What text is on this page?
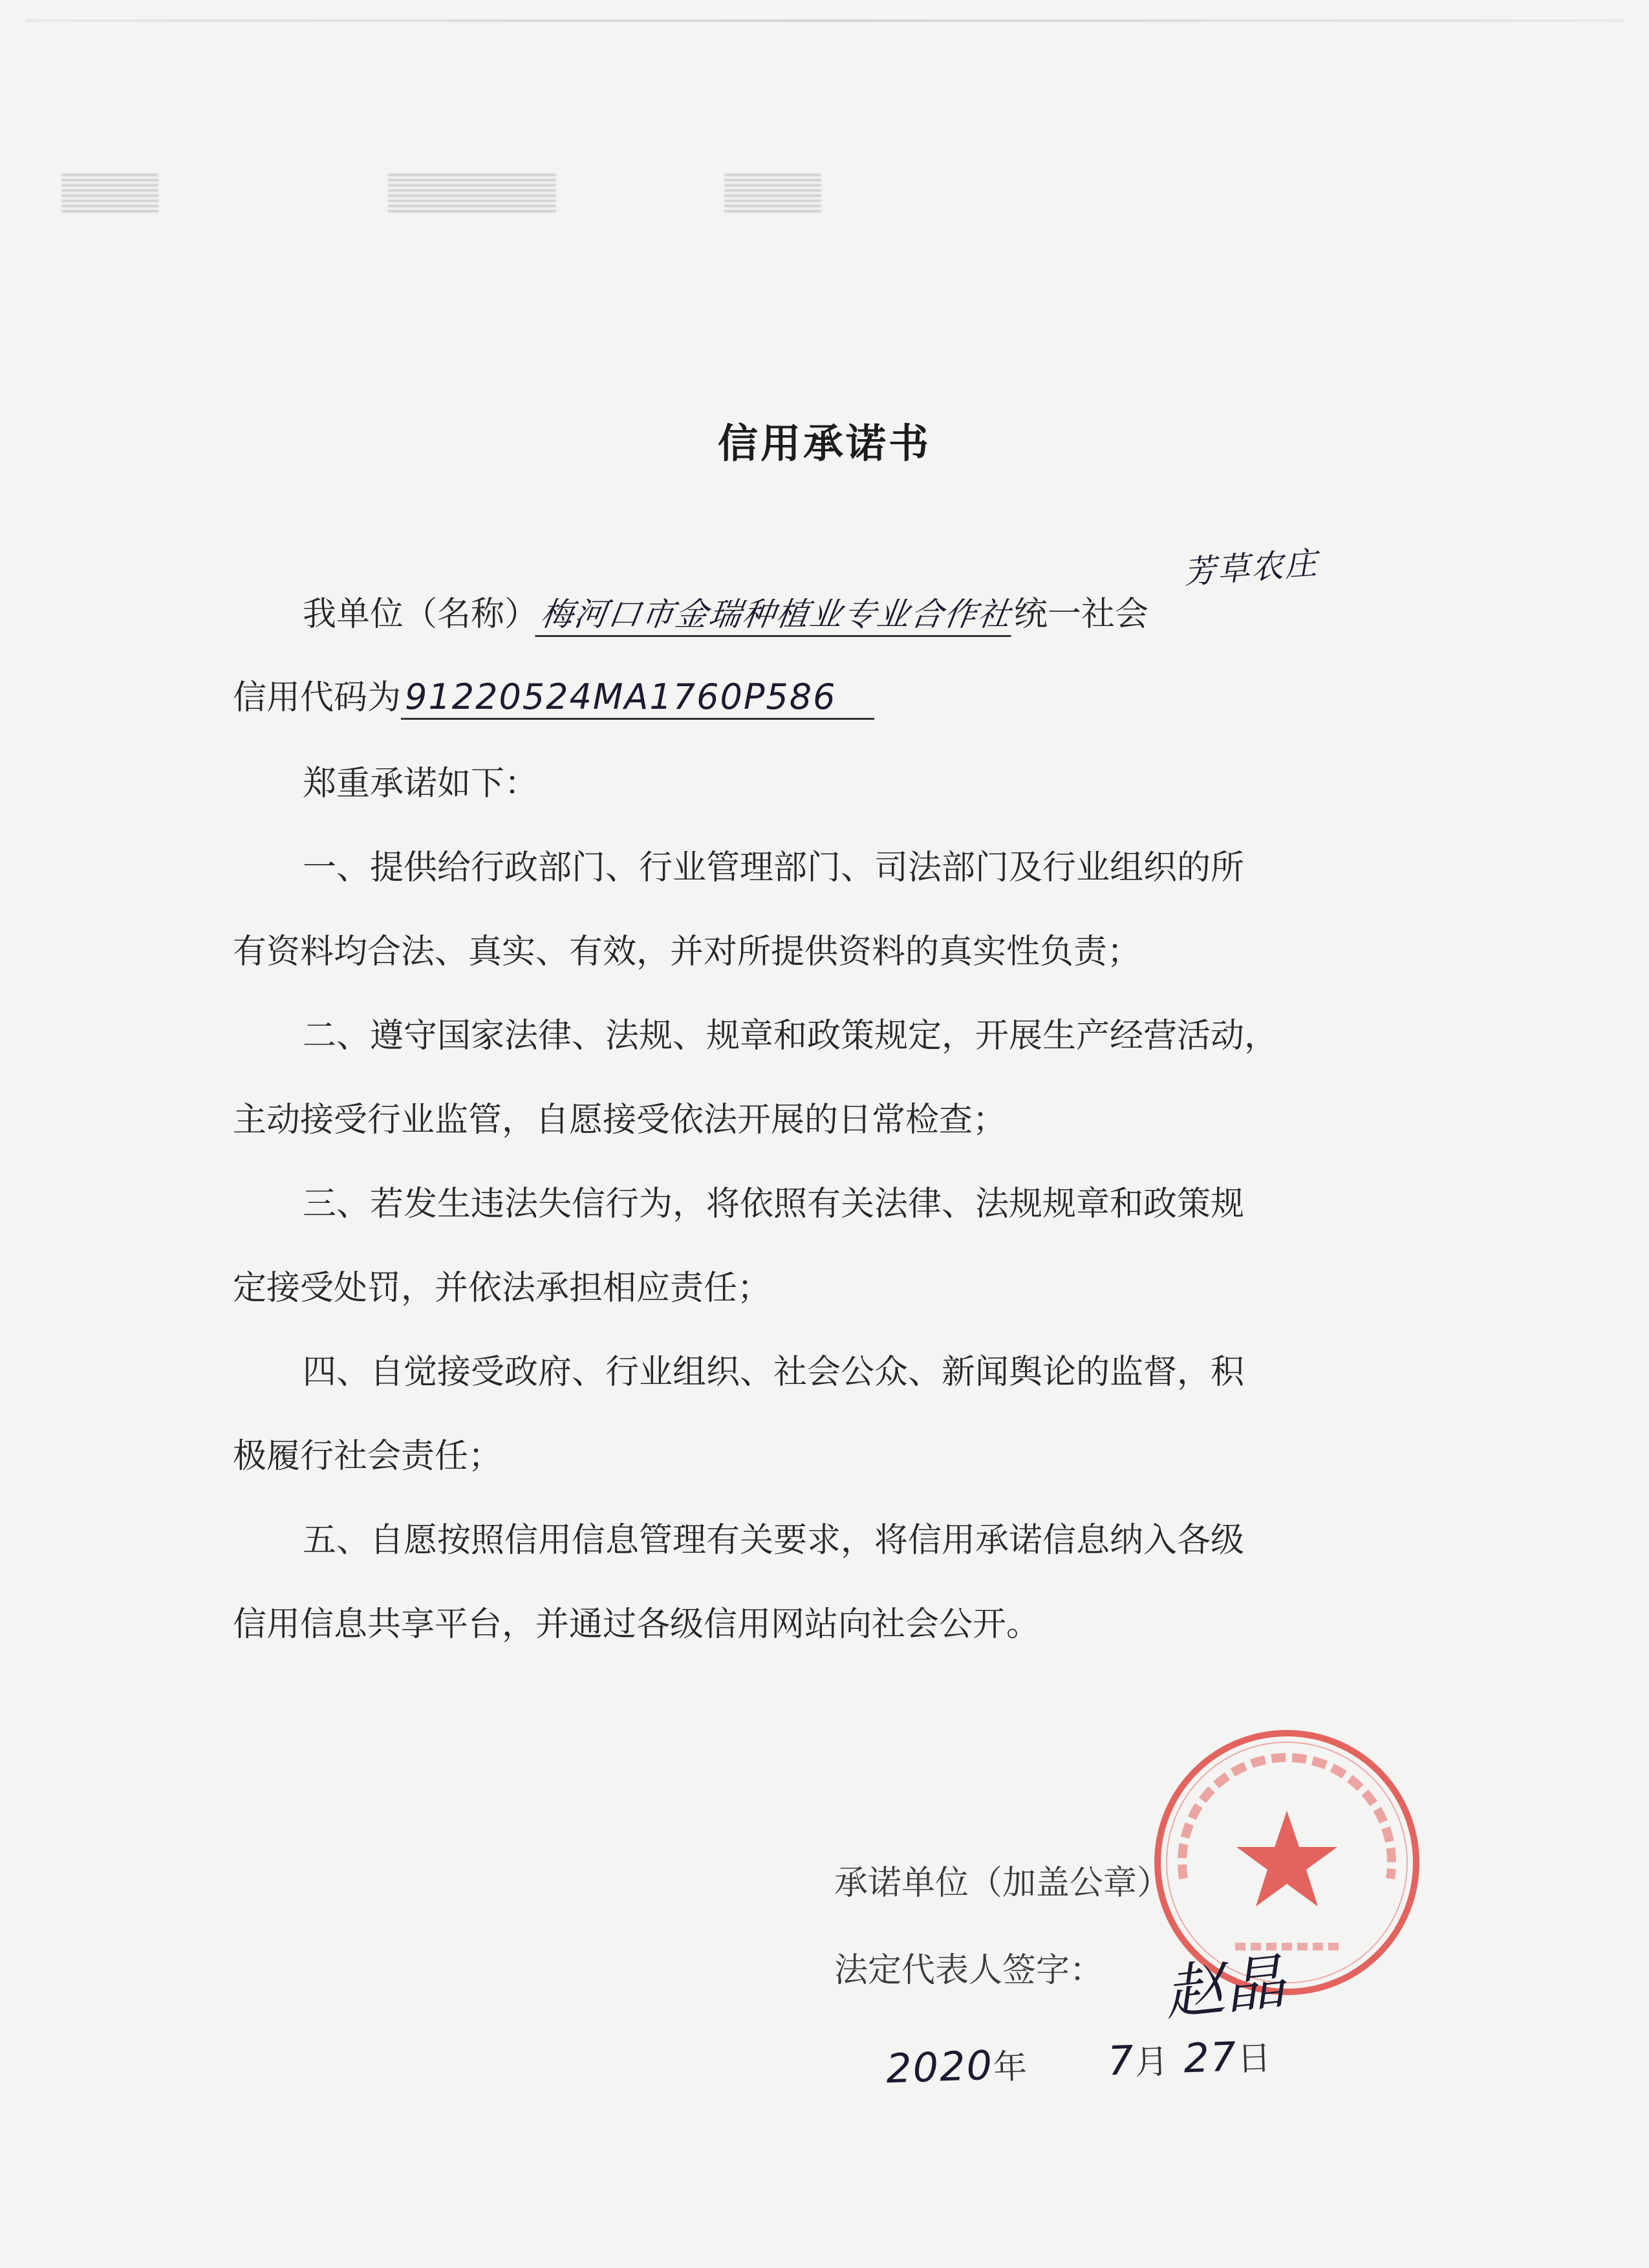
信用承诺书
我单位（名称）梅河口市金瑞种植业专业合作社统一社会
芳草农庄
信用代码为 91220524MA1760P586
郑重承诺如下：
一、提供给行政部门、行业管理部门、司法部门及行业组织的所
有资料均合法、真实、有效，并对所提供资料的真实性负责；
二、遵守国家法律、法规、规章和政策规定，开展生产经营活动，
主动接受行业监管，自愿接受依法开展的日常检查；
三、若发生违法失信行为，将依照有关法律、法规规章和政策规
定接受处罚，并依法承担相应责任；
四、自觉接受政府、行业组织、社会公众、新闻舆论的监督，积
极履行社会责任；
五、自愿按照信用信息管理有关要求，将信用承诺信息纳入各级
信用信息共享平台，并通过各级信用网站向社会公开。
承诺单位（加盖公章）
法定代表人签字： 赵晶
2020年 7月 27日
